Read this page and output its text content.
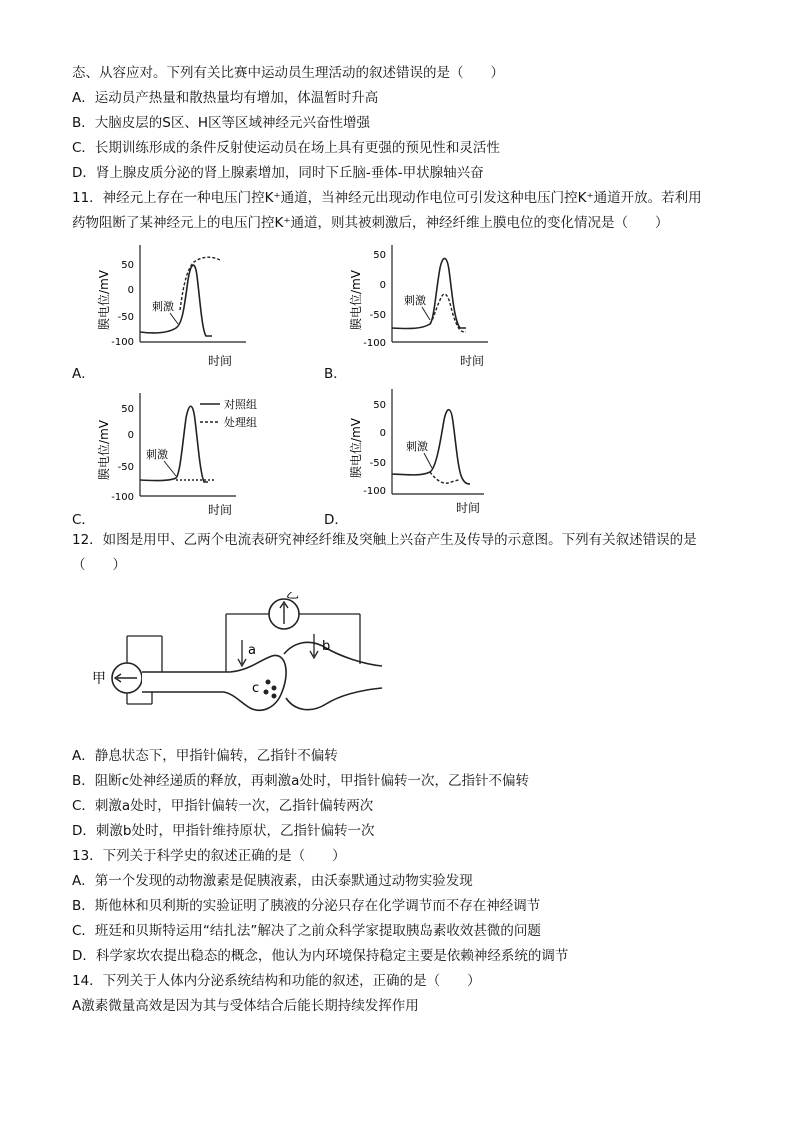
态、从容应对。下列有关比赛中运动员生理活动的叙述错误的是（　　）
A．运动员产热量和散热量均有增加，体温暂时升高
B．大脑皮层的S区、H区等区域神经元兴奋性增强
C．长期训练形成的条件反射使运动员在场上具有更强的预见性和灵活性
D．肾上腺皮质分泌的肾上腺素增加，同时下丘脑-垂体-甲状腺轴兴奋
11．神经元上存在一种电压门控K⁺通道，当神经元出现动作电位可引发这种电压门控K⁺通道开放。若利用
药物阻断了某神经元上的电压门控K⁺通道，则其被刺激后，神经纤维上膜电位的变化情况是（　　）
膜电位/mV
50
0
-50
-100
刺激
时间
A．
膜电位/mV
50
0
-50
-100
刺激
时间
B．
膜电位/mV
50
0
-50
-100
刺激
对照组
处理组
时间
C．
膜电位/mV
50
0
-50
-100
刺激
时间
D．
12．如图是用甲、乙两个电流表研究神经纤维及突触上兴奋产生及传导的示意图。下列有关叙述错误的是
（　　）
甲
c
乙
a	b
A．静息状态下，甲指针偏转，乙指针不偏转
B．阻断c处神经递质的释放，再刺激a处时，甲指针偏转一次，乙指针不偏转
C．刺激a处时，甲指针偏转一次，乙指针偏转两次
D．刺激b处时，甲指针维持原状，乙指针偏转一次
13．下列关于科学史的叙述正确的是（　　）
A．第一个发现的动物激素是促胰液素，由沃泰默通过动物实验发现
B．斯他林和贝利斯的实验证明了胰液的分泌只存在化学调节而不存在神经调节
C．班廷和贝斯特运用“结扎法”解决了之前众科学家提取胰岛素收效甚微的问题
D．科学家坎农提出稳态的概念，他认为内环境保持稳定主要是依赖神经系统的调节
14．下列关于人体内分泌系统结构和功能的叙述，正确的是（　　）
A激素微量高效是因为其与受体结合后能长期持续发挥作用
